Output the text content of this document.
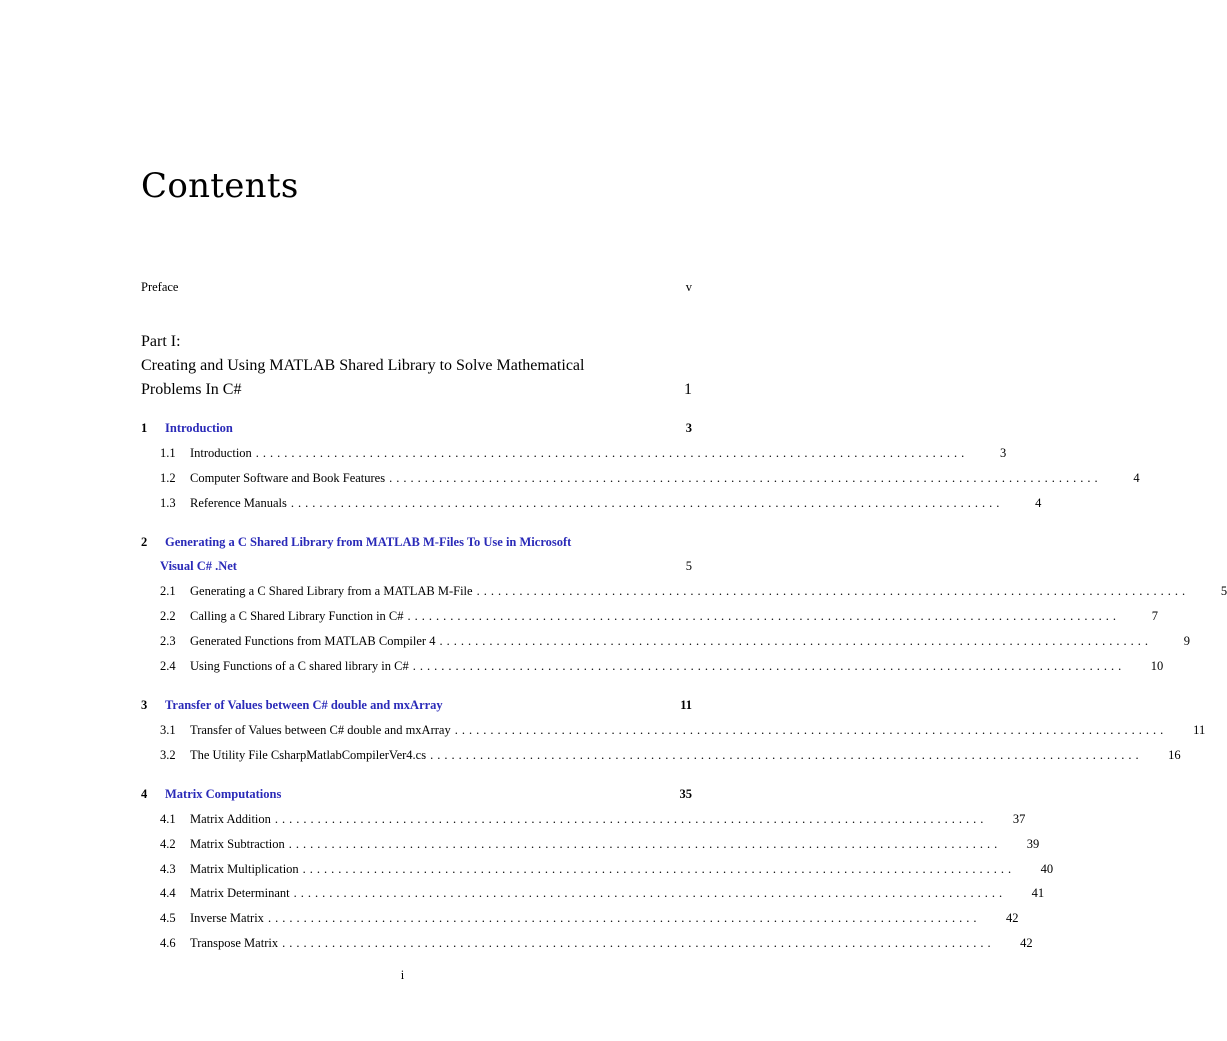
Contents
Preface	v
Part I:
Creating and Using MATLAB Shared Library to Solve Mathematical
Problems In C#	1
1 Introduction	3
1.1	Introduction ....................................................................................................	3
1.2	Computer Software and Book Features ....................................................................................................	4
1.3	Reference Manuals ....................................................................................................	4
2 Generating a C Shared Library from MATLAB M-Files To Use in Microsoft
Visual C# .Net	5
2.1	Generating a C Shared Library from a MATLAB M-File ....................................................................................................	5
2.2	Calling a C Shared Library Function in C# ....................................................................................................	7
2.3	Generated Functions from MATLAB Compiler 4 ....................................................................................................	9
2.4	Using Functions of a C shared library in C# ....................................................................................................	10
3 Transfer of Values between C# double and mxArray	11
3.1	Transfer of Values between C# double and mxArray ....................................................................................................	11
3.2	The Utility File CsharpMatlabCompilerVer4.cs ....................................................................................................	16
4 Matrix Computations	35
4.1	Matrix Addition ....................................................................................................	37
4.2	Matrix Subtraction ....................................................................................................	39
4.3	Matrix Multiplication ....................................................................................................	40
4.4	Matrix Determinant ....................................................................................................	41
4.5	Inverse Matrix ....................................................................................................	42
4.6	Transpose Matrix ....................................................................................................	42
i
